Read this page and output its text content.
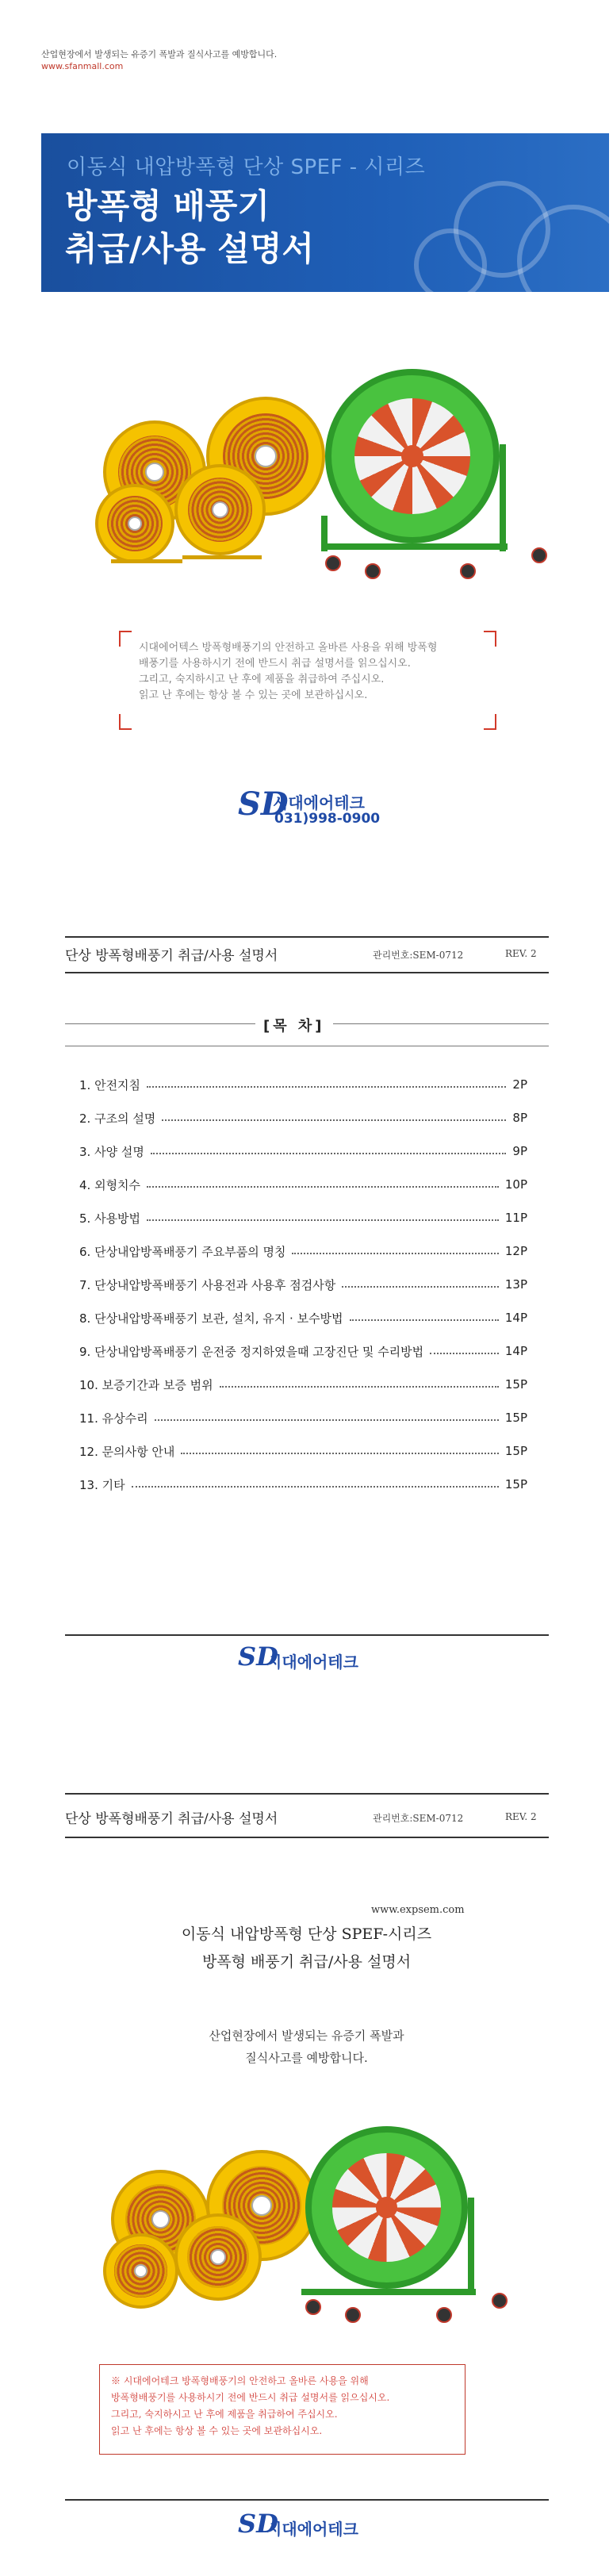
산업현장에서 발생되는 유증기 폭발과 질식사고를 예방합니다.
www.sfanmall.com
이동식 내압방폭형 단상 SPEF - 시리즈
방폭형 배풍기
취급/사용 설명서
시대에어텍스 방폭형배풍기의 안전하고 올바른 사용을 위해 방폭형
배풍기를 사용하시기 전에 반드시 취급 설명서를 읽으십시오.
그리고, 숙지하시고 난 후에 제품을 취급하여 주십시오.
읽고 난 후에는 항상 볼 수 있는 곳에 보관하십시오.
SD
시대에어테크
031)998-0900
단상 방폭형배풍기 취급/사용 설명서	관리번호:SEM-0712	REV. 2
[목 차]
1. 안전지침	2P
2. 구조의 설명	8P
3. 사양 설명	9P
4. 외형치수	10P
5. 사용방법	11P
6. 단상내압방폭배풍기 주요부품의 명칭	12P
7. 단상내압방폭배풍기 사용전과 사용후 점검사항	13P
8. 단상내압방폭배풍기 보관, 설치, 유지 · 보수방법	14P
9. 단상내압방폭배풍기 운전중 정지하였을때 고장진단 및 수리방법	14P
10. 보증기간과 보증 범위	15P
11. 유상수리	15P
12. 문의사항 안내	15P
13. 기타	15P
SD
시대에어테크
단상 방폭형배풍기 취급/사용 설명서	관리번호:SEM-0712	REV. 2
www.expsem.com
이동식 내압방폭형 단상 SPEF-시리즈
방폭형 배풍기 취급/사용 설명서
산업현장에서 발생되는 유증기 폭발과
질식사고를 예방합니다.
※ 시대에어테크 방폭형배풍기의 안전하고 올바른 사용을 위해
방폭형배풍기를 사용하시기 전에 반드시 취급 설명서를 읽으십시오.
그리고, 숙지하시고 난 후에 제품을 취급하여 주십시오.
읽고 난 후에는 항상 볼 수 있는 곳에 보관하십시오.
SD
시대에어테크
